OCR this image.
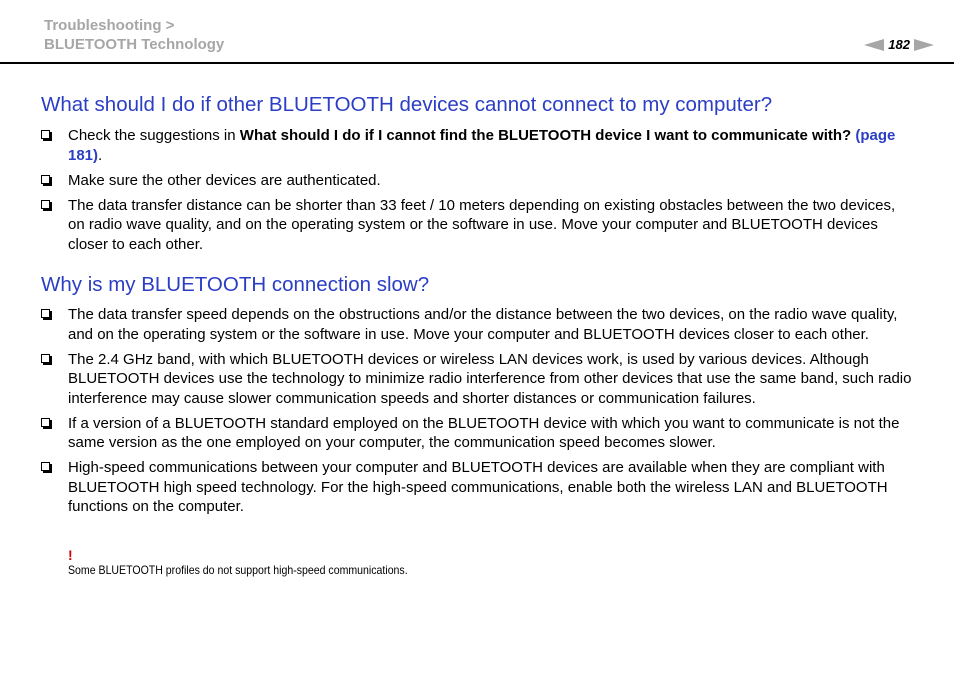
Troubleshooting >
BLUETOOTH Technology	182
What should I do if other BLUETOOTH devices cannot connect to my computer?
Check the suggestions in What should I do if I cannot find the BLUETOOTH device I want to communicate with? (page 181).
Make sure the other devices are authenticated.
The data transfer distance can be shorter than 33 feet / 10 meters depending on existing obstacles between the two devices, on radio wave quality, and on the operating system or the software in use. Move your computer and BLUETOOTH devices closer to each other.
Why is my BLUETOOTH connection slow?
The data transfer speed depends on the obstructions and/or the distance between the two devices, on the radio wave quality, and on the operating system or the software in use. Move your computer and BLUETOOTH devices closer to each other.
The 2.4 GHz band, with which BLUETOOTH devices or wireless LAN devices work, is used by various devices. Although BLUETOOTH devices use the technology to minimize radio interference from other devices that use the same band, such radio interference may cause slower communication speeds and shorter distances or communication failures.
If a version of a BLUETOOTH standard employed on the BLUETOOTH device with which you want to communicate is not the same version as the one employed on your computer, the communication speed becomes slower.
High-speed communications between your computer and BLUETOOTH devices are available when they are compliant with BLUETOOTH high speed technology. For the high-speed communications, enable both the wireless LAN and BLUETOOTH functions on the computer.
!
Some BLUETOOTH profiles do not support high-speed communications.
